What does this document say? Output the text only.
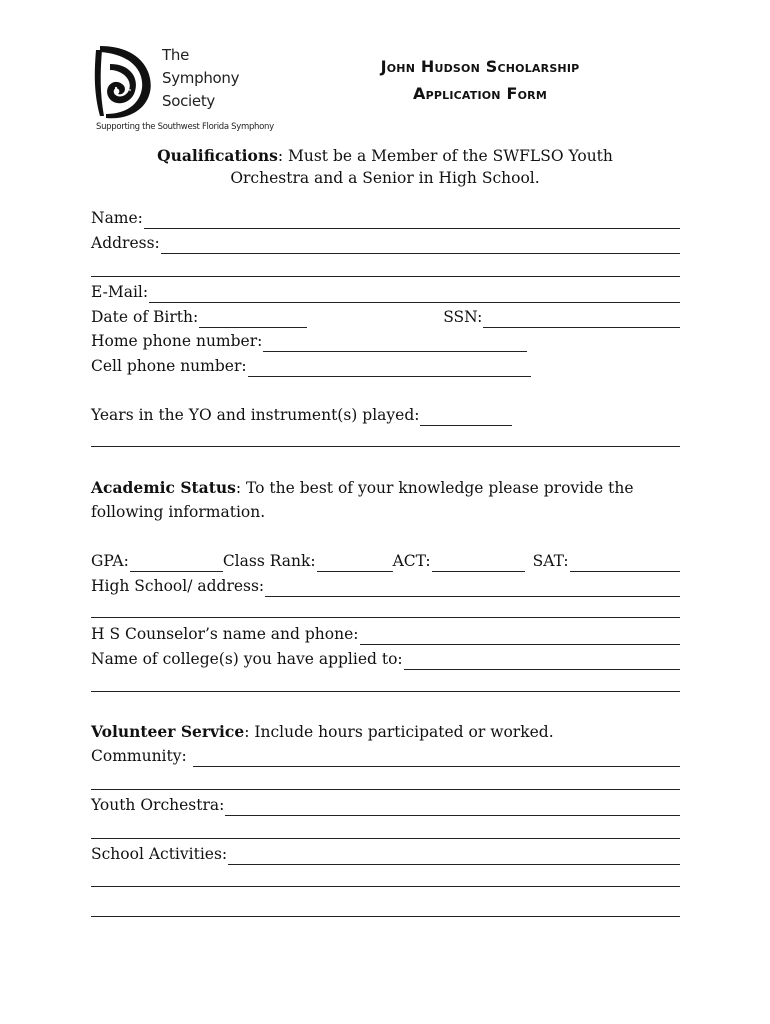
The
Symphony
Society
Supporting the Southwest Florida Symphony
John Hudson Scholarship
Application Form
Qualifications: Must be a Member of the SWFLSO Youth Orchestra and a Senior in High School.
Name:
Address:
E-Mail:
Date of Birth:	SSN:
Home phone number:
Cell phone number:
Years in the YO and instrument(s) played:
Academic Status: To the best of your knowledge please provide the following information.
GPA:	Class Rank:	ACT:	SAT:
High School/ address:
H S Counselor’s name and phone:
Name of college(s) you have applied to:
Volunteer Service: Include hours participated or worked.
Community:
Youth Orchestra:
School Activities:
